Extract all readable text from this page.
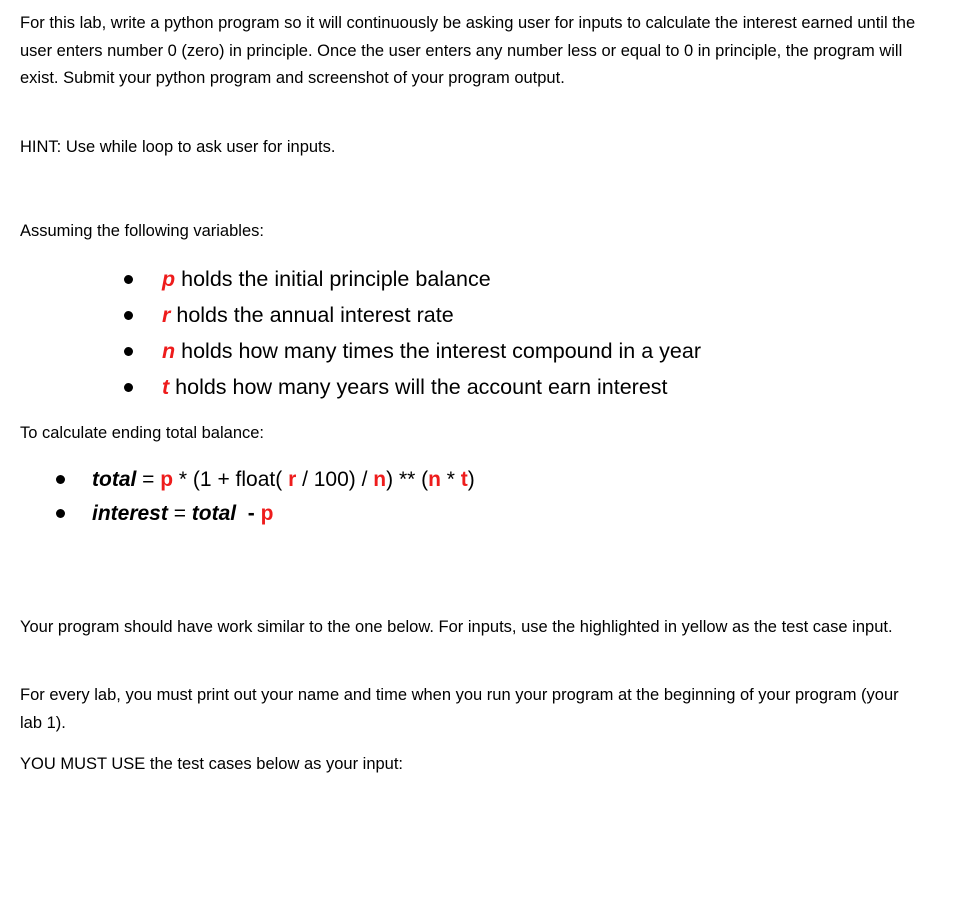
For this lab, write a python program so it will continuously be asking user for inputs to calculate the interest earned until the user enters number 0 (zero) in principle. Once the user enters any number less or equal to 0 in principle, the program will exist. Submit your python program and screenshot of your program output.

HINT: Use while loop to ask user for inputs.

Assuming the following variables:

p holds the initial principle balance
r holds the annual interest rate
n holds how many times the interest compound in a year
t holds how many years will the account earn interest

To calculate ending total balance:

total = p * (1 + float( r / 100) / n) ** (n * t)
interest = total  - p

Your program should have work similar to the one below. For inputs, use the highlighted in yellow as the test case input.

For every lab, you must print out your name and time when you run your program at the beginning of your program (your lab 1).

YOU MUST USE the test cases below as your input:
